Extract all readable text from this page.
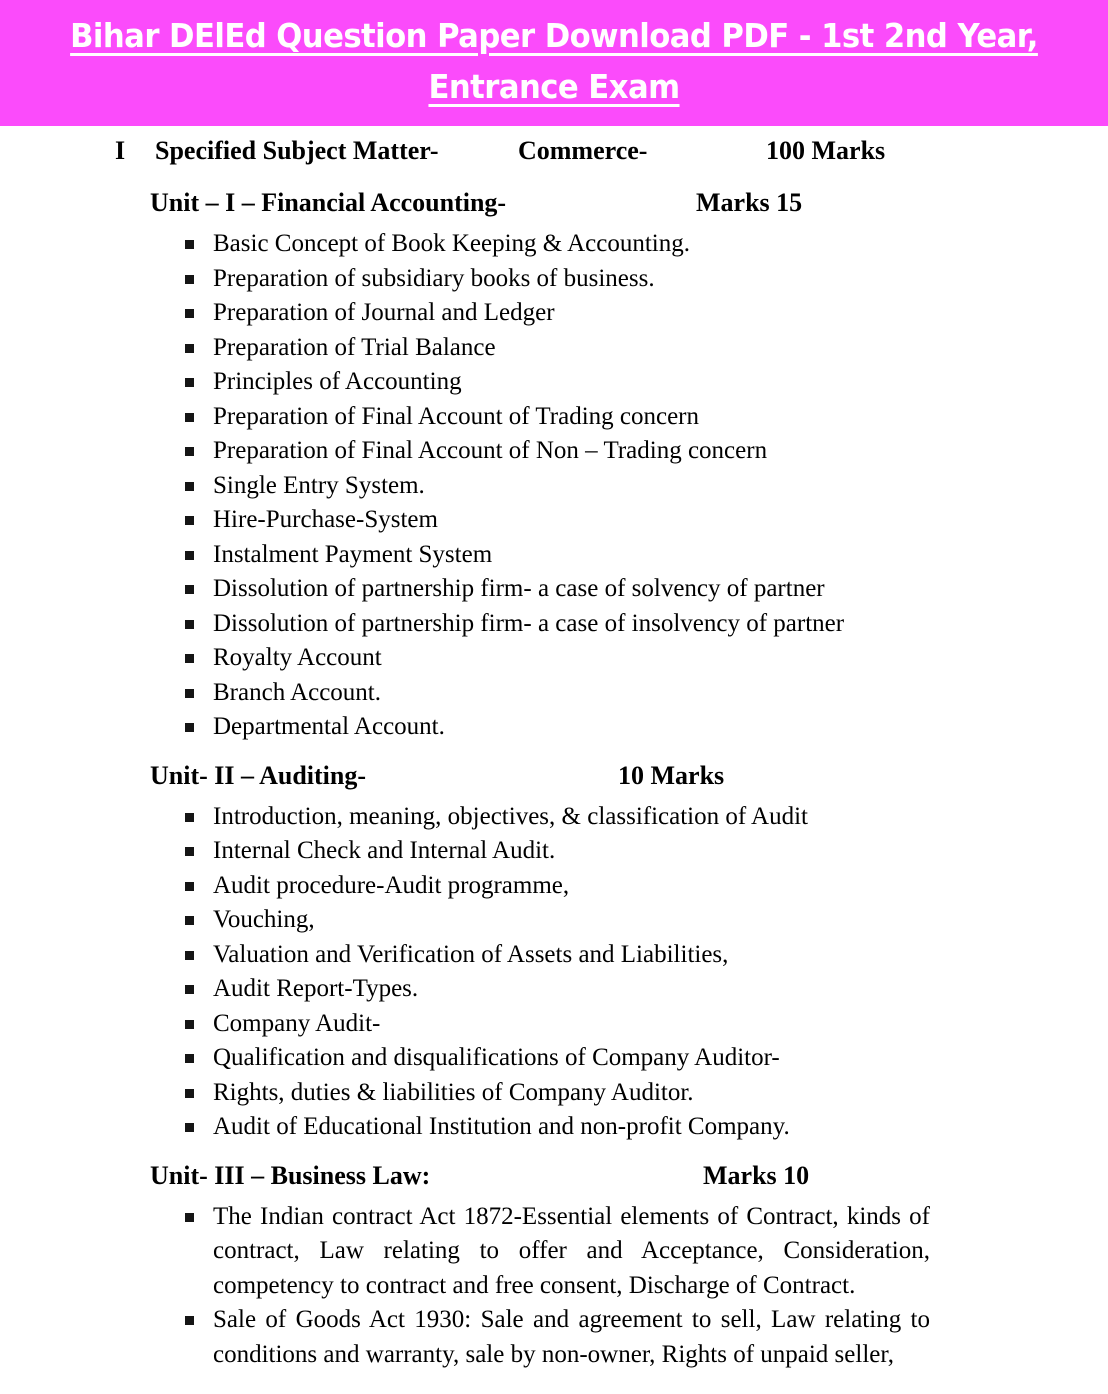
Bihar DElEd Question Paper Download PDF - 1st 2nd Year, Entrance Exam
I Specified Subject Matter-	Commerce-	100 Marks
Unit – I – Financial Accounting-	Marks 15
Basic Concept of Book Keeping & Accounting.
Preparation of subsidiary books of business.
Preparation of Journal and Ledger
Preparation of Trial Balance
Principles of Accounting
Preparation of Final Account of Trading concern
Preparation of Final Account of Non – Trading concern
Single Entry System.
Hire-Purchase-System
Instalment Payment System
Dissolution of partnership firm- a case of solvency of partner
Dissolution of partnership firm- a case of insolvency of partner
Royalty Account
Branch Account.
Departmental Account.
Unit- II – Auditing-	10 Marks
Introduction, meaning, objectives, & classification of Audit
Internal Check and Internal Audit.
Audit procedure-Audit programme,
Vouching,
Valuation and Verification of Assets and Liabilities,
Audit Report-Types.
Company Audit-
Qualification and disqualifications of Company Auditor-
Rights, duties & liabilities of Company Auditor.
Audit of Educational Institution and non-profit Company.
Unit- III – Business Law:	Marks 10
The Indian contract Act 1872-Essential elements of Contract, kinds of contract, Law relating to offer and Acceptance, Consideration, competency to contract and free consent, Discharge of Contract.
Sale of Goods Act 1930: Sale and agreement to sell, Law relating to conditions and warranty, sale by non-owner, Rights of unpaid seller,
